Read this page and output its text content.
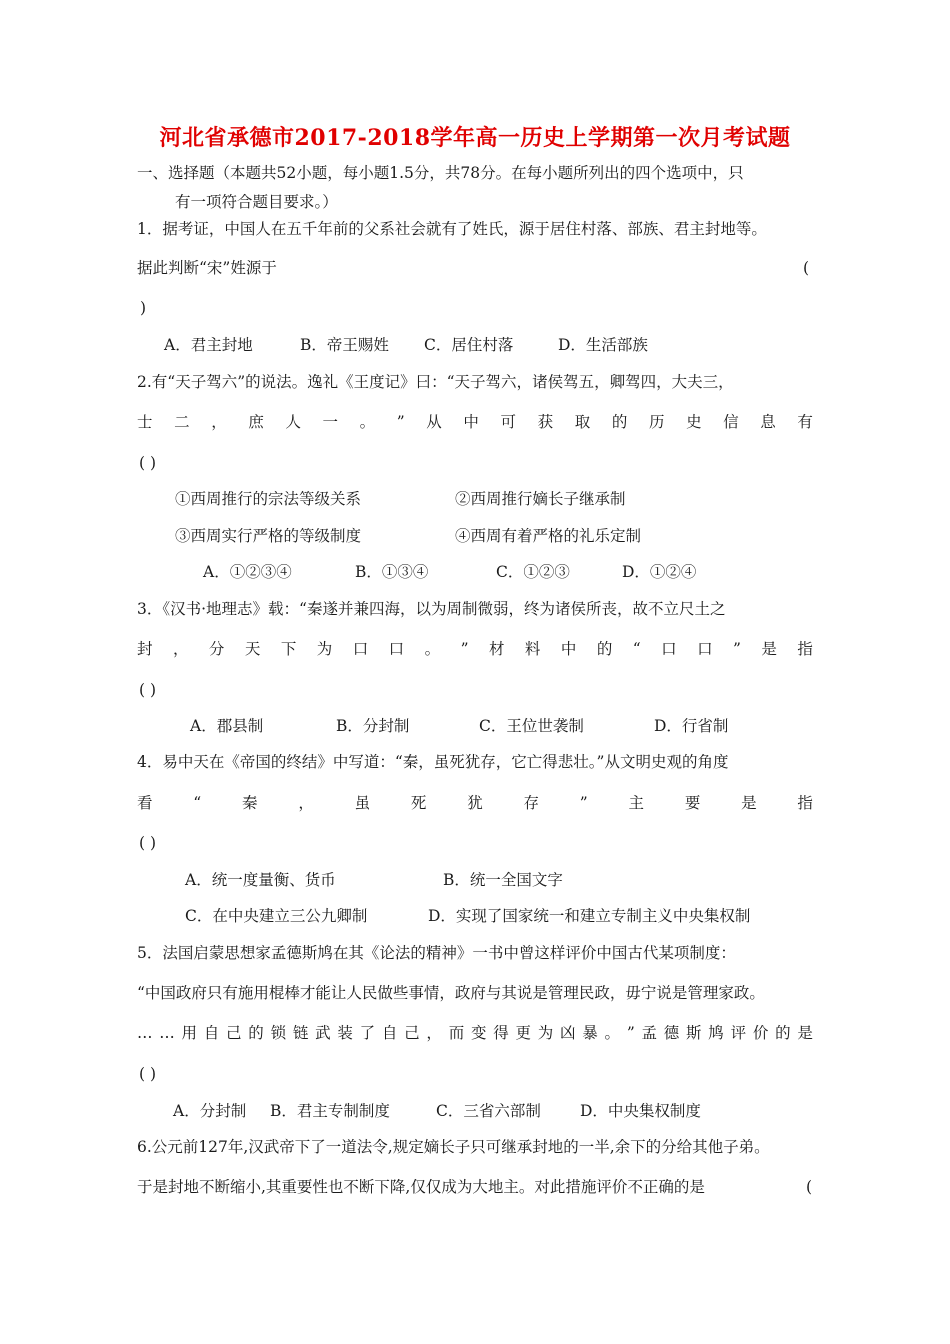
河北省承德市2017-2018学年高一历史上学期第一次月考试题
一、选择题（本题共52小题，每小题1.5分，共78分。在每小题所列出的四个选项中，只
有一项符合题目要求。）
1．据考证，中国人在五千年前的父系社会就有了姓氏，源于居住村落、部族、君主封地等。
据此判断“宋”姓源于	(
)
A．君主封地	B．帝王赐姓 C．居住村落	D．生活部族
2.有“天子驾六”的说法。逸礼《王度记》曰：“天子驾六，诸侯驾五，卿驾四，大夫三，
士 二 ， 庶 人 一 。 ” 从 中 可 获 取 的 历 史 信 息 有
( )
①西周推行的宗法等级关系	②西周推行嫡长子继承制
③西周实行严格的等级制度	④西周有着严格的礼乐定制
A．①②③④	B．①③④	C．①②③	D．①②④
3．《汉书·地理志》载：“秦遂并兼四海，以为周制微弱，终为诸侯所丧，故不立尺土之
封 ， 分 天 下 为 口 口 。 ” 材 料 中 的 “ 口 口 ” 是 指
( )
A．郡县制	B．分封制	C．王位世袭制	D．行省制
4．易中天在《帝国的终结》中写道：“秦，虽死犹存，它亡得悲壮。”从文明史观的角度
看	“	秦	，	虽	死	犹	存	”	主	要	是	指
( )
A．统一度量衡、货币	B．统一全国文字
C．在中央建立三公九卿制	D．实现了国家统一和建立专制主义中央集权制
5．法国启蒙思想家孟德斯鸠在其《论法的精神》一书中曾这样评价中国古代某项制度：
“中国政府只有施用棍棒才能让人民做些事情，政府与其说是管理民政，毋宁说是管理家政。
… … 用 自 己 的 锁 链 武 装 了 自 己 ， 而 变 得 更 为 凶 暴 。 ” 孟 德 斯 鸠 评 价 的 是
( )
A．分封制 B．君主专制制度	C．三省六部制	D．中央集权制度
6.公元前127年,汉武帝下了一道法令,规定嫡长子只可继承封地的一半,余下的分给其他子弟。
于是封地不断缩小,其重要性也不断下降,仅仅成为大地主。对此措施评价不正确的是	(
